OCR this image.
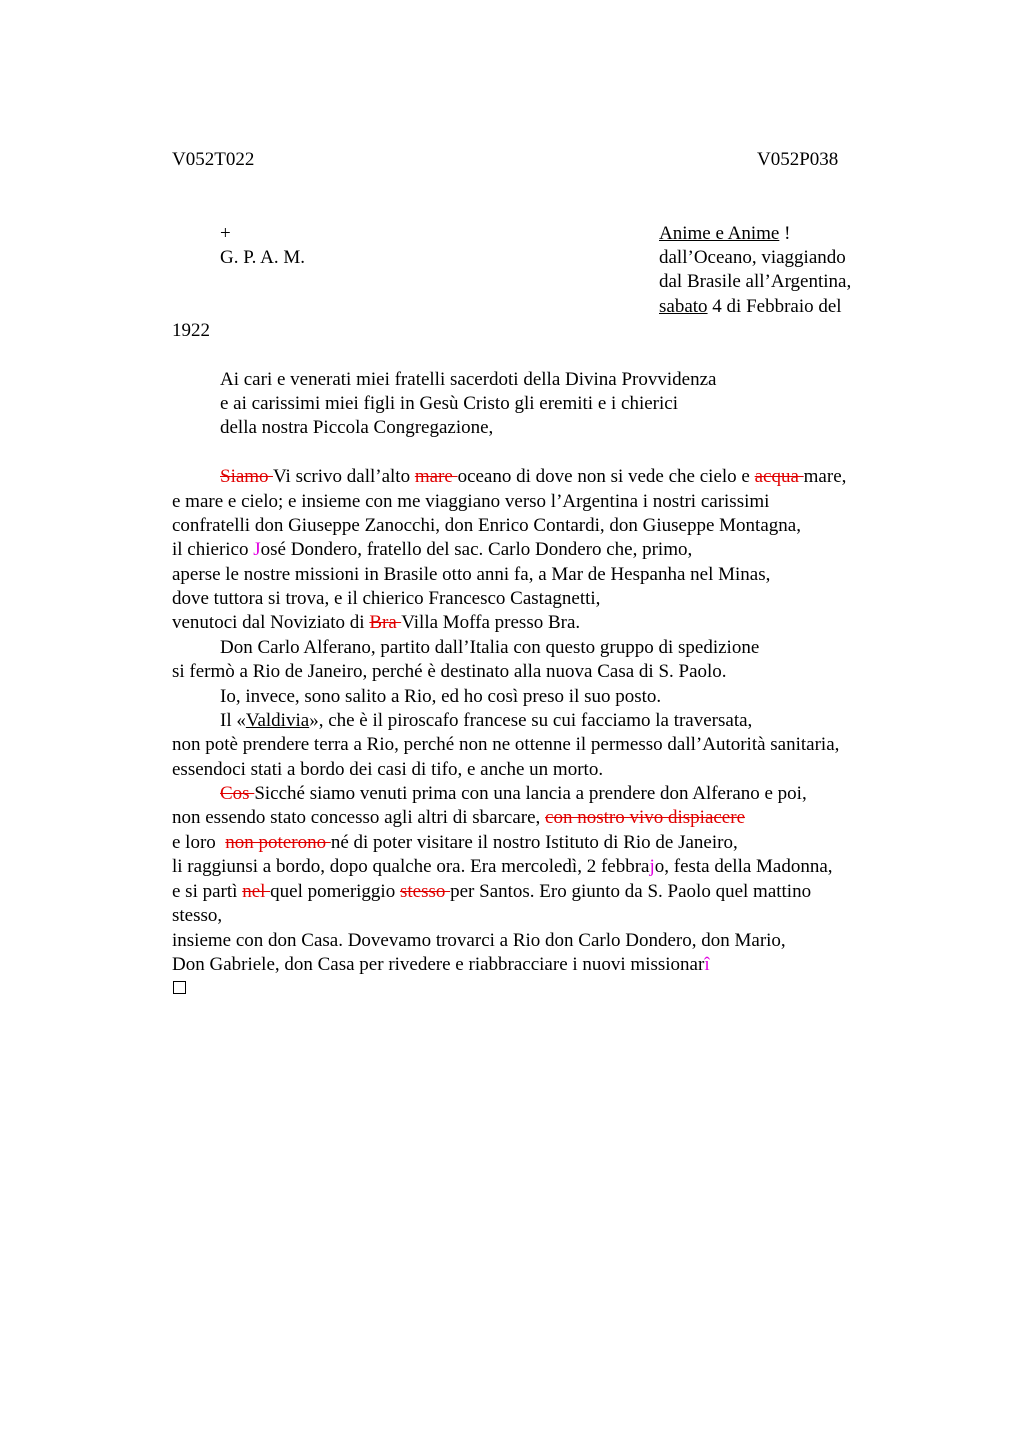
V052T022	V052P038
+
G. P. A. M.
Anime e Anime !
dall’Oceano, viaggiando
dal Brasile all’Argentina,
sabato 4 di Febbraio del
1922
Ai cari e venerati miei fratelli sacerdoti della Divina Provvidenza
e ai carissimi miei figli in Gesù Cristo gli eremiti e i chierici
della nostra Piccola Congregazione,
Siamo Vi scrivo dall’alto mare oceano di dove non si vede che cielo e acqua mare,
e mare e cielo; e insieme con me viaggiano verso l’Argentina i nostri carissimi
confratelli don Giuseppe Zanocchi, don Enrico Contardi, don Giuseppe Montagna,
il chierico José Dondero, fratello del sac. Carlo Dondero che, primo,
aperse le nostre missioni in Brasile otto anni fa, a Mar de Hespanha nel Minas,
dove tuttora si trova, e il chierico Francesco Castagnetti,
venutoci dal Noviziato di Bra Villa Moffa presso Bra.
Don Carlo Alferano, partito dall’Italia con questo gruppo di spedizione
si fermò a Rio de Janeiro, perché è destinato alla nuova Casa di S. Paolo.
Io, invece, sono salito a Rio, ed ho così preso il suo posto.
Il «Valdivia», che è il piroscafo francese su cui facciamo la traversata,
non potè prendere terra a Rio, perché non ne ottenne il permesso dall’Autorità sanitaria,
essendoci stati a bordo dei casi di tifo, e anche un morto.
Cos Sicché siamo venuti prima con una lancia a prendere don Alferano e poi,
non essendo stato concesso agli altri di sbarcare, con nostro vivo dispiacere
e loro  non poterono né di poter visitare il nostro Istituto di Rio de Janeiro,
li raggiunsi a bordo, dopo qualche ora. Era mercoledì, 2 febbrajo, festa della Madonna,
e si partì nel quel pomeriggio stesso per Santos. Ero giunto da S. Paolo quel mattino
stesso,
insieme con don Casa. Dovevamo trovarci a Rio don Carlo Dondero, don Mario,
Don Gabriele, don Casa per rivedere e riabbracciare i nuovi missionarî
